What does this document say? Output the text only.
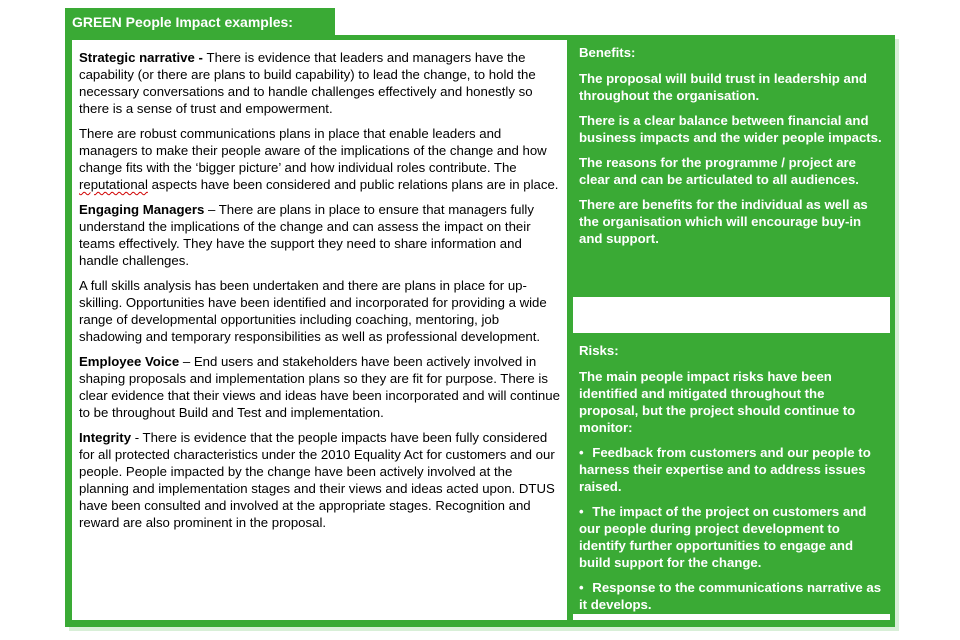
GREEN People Impact examples:

Strategic narrative - There is evidence that leaders and managers have the capability (or there are plans to build capability) to lead the change, to hold the necessary conversations and to handle challenges effectively and honestly so there is a sense of trust and empowerment.

There are robust communications plans in place that enable leaders and managers to make their people aware of the implications of the change and how change fits with the ‘bigger picture’ and how individual roles contribute. The reputational aspects have been considered and public relations plans are in place.

Engaging Managers – There are plans in place to ensure that managers fully understand the implications of the change and can assess the impact on their teams effectively. They have the support they need to share information and handle challenges.

A full skills analysis has been undertaken and there are plans in place for up-skilling. Opportunities have been identified and incorporated for providing a wide range of developmental opportunities including coaching, mentoring, job shadowing and temporary responsibilities as well as professional development.

Employee Voice – End users and stakeholders have been actively involved in shaping proposals and implementation plans so they are fit for purpose. There is clear evidence that their views and ideas have been incorporated and will continue to be throughout Build and Test and implementation.

Integrity - There is evidence that the people impacts have been fully considered for all protected characteristics under the 2010 Equality Act for customers and our people. People impacted by the change have been actively involved at the planning and implementation stages and their views and ideas acted upon. DTUS have been consulted and involved at the appropriate stages. Recognition and reward are also prominent in the proposal.

Benefits:

The proposal will build trust in leadership and throughout the organisation.

There is a clear balance between financial and business impacts and the wider people impacts.

The reasons for the programme / project are clear and can be articulated to all audiences.

There are benefits for the individual as well as the organisation which will encourage buy-in and support.

Risks:

The main people impact risks have been identified and mitigated throughout the proposal, but the project should continue to monitor:

• Feedback from customers and our people to harness their expertise and to address issues raised.

• The impact of the project on customers and our people during project development to identify further opportunities to engage and build support for the change.

• Response to the communications narrative as it develops.
